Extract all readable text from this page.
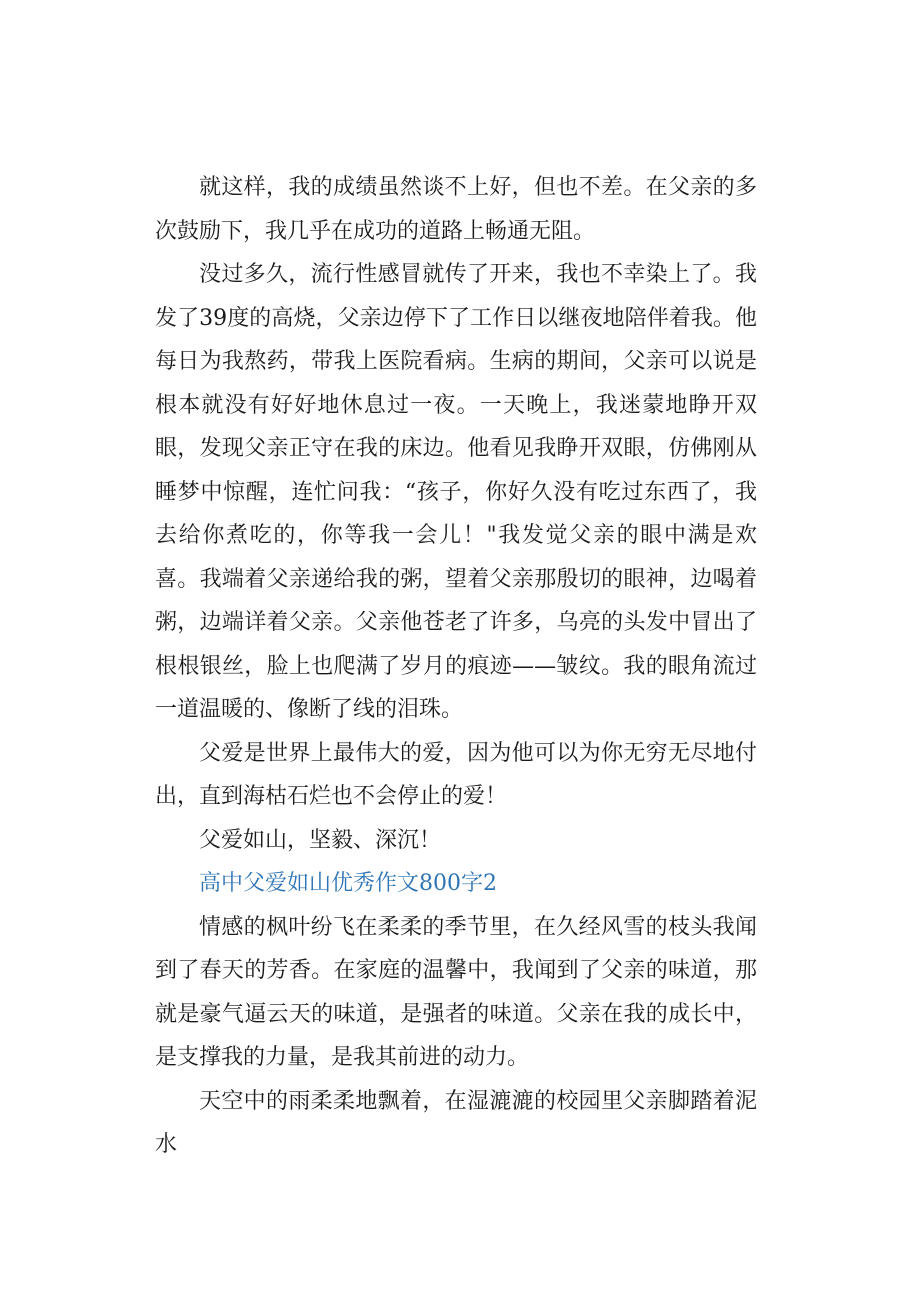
就这样，我的成绩虽然谈不上好，但也不差。在父亲的多次鼓励下，我几乎在成功的道路上畅通无阻。

没过多久，流行性感冒就传了开来，我也不幸染上了。我发了39度的高烧，父亲边停下了工作日以继夜地陪伴着我。他每日为我熬药，带我上医院看病。生病的期间，父亲可以说是根本就没有好好地休息过一夜。一天晚上，我迷蒙地睁开双眼，发现父亲正守在我的床边。他看见我睁开双眼，仿佛刚从睡梦中惊醒，连忙问我：“孩子，你好久没有吃过东西了，我去给你煮吃的，你等我一会儿！"我发觉父亲的眼中满是欢喜。我端着父亲递给我的粥，望着父亲那殷切的眼神，边喝着粥，边端详着父亲。父亲他苍老了许多，乌亮的头发中冒出了根根银丝，脸上也爬满了岁月的痕迹——皱纹。我的眼角流过一道温暖的、像断了线的泪珠。

父爱是世界上最伟大的爱，因为他可以为你无穷无尽地付出，直到海枯石烂也不会停止的爱！

父爱如山，坚毅、深沉！

高中父爱如山优秀作文800字2

情感的枫叶纷飞在柔柔的季节里，在久经风雪的枝头我闻到了春天的芳香。在家庭的温馨中，我闻到了父亲的味道，那就是豪气逼云天的味道，是强者的味道。父亲在我的成长中，是支撑我的力量，是我其前进的动力。

天空中的雨柔柔地飘着，在湿漉漉的校园里父亲脚踏着泥水
